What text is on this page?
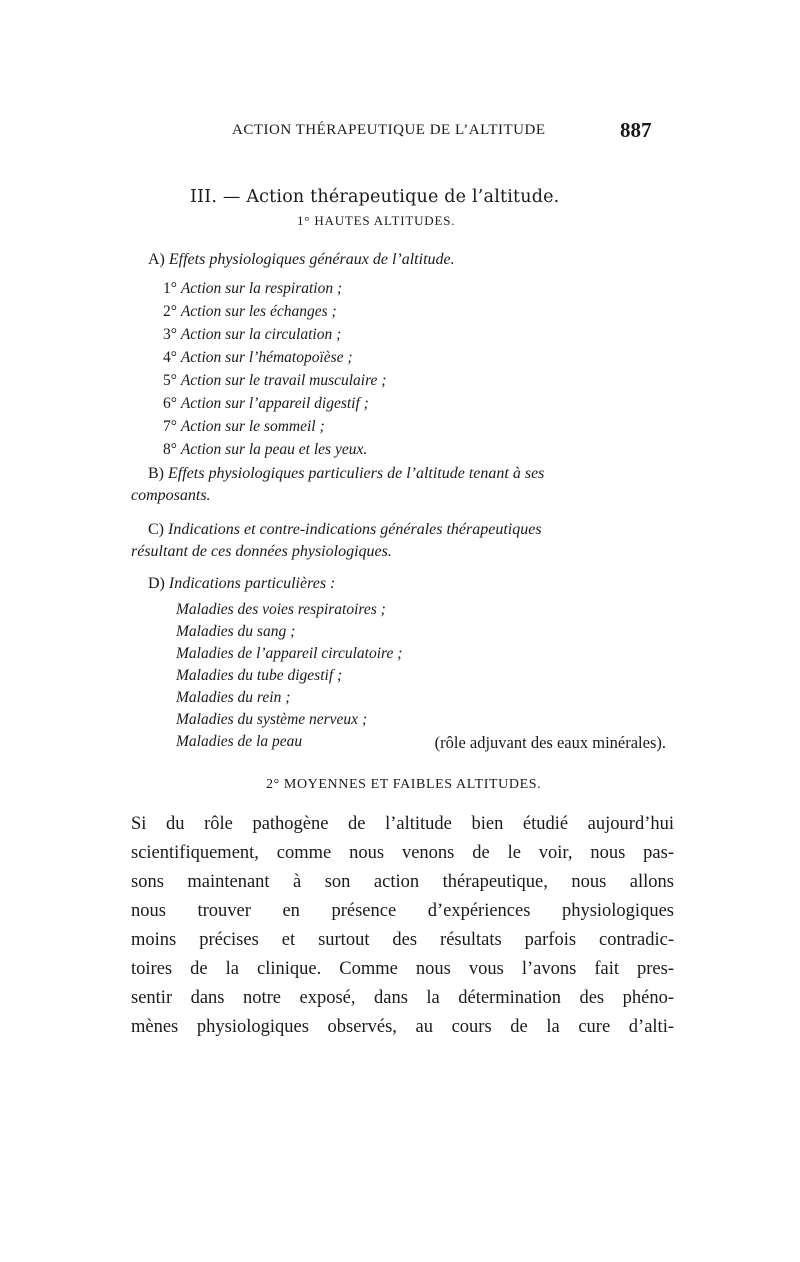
ACTION THÉRAPEUTIQUE DE L’ALTITUDE	887
III. — Action thérapeutique de l’altitude.
1° HAUTES ALTITUDES.
A) Effets physiologiques généraux de l’altitude.
1° Action sur la respiration ;
2° Action sur les échanges ;
3° Action sur la circulation ;
4° Action sur l’hématopoïèse ;
5° Action sur le travail musculaire ;
6° Action sur l’appareil digestif ;
7° Action sur le sommeil ;
8° Action sur la peau et les yeux.
B) Effets physiologiques particuliers de l’altitude tenant à ses
composants.
C) Indications et contre-indications générales thérapeutiques
résultant de ces données physiologiques.
D) Indications particulières :
Maladies des voies respiratoires ;
Maladies du sang ;
Maladies de l’appareil circulatoire ;
Maladies du tube digestif ;
Maladies du rein ;
Maladies du système nerveux ;
Maladies de la peau	(rôle adjuvant des eaux minérales).
2° MOYENNES ET FAIBLES ALTITUDES.
Si du rôle pathogène de l’altitude bien étudié aujourd’hui
scientifiquement, comme nous venons de le voir, nous pas-
sons maintenant à son action thérapeutique, nous allons
nous trouver en présence d’expériences physiologiques
moins précises et surtout des résultats parfois contradic-
toires de la clinique. Comme nous vous l’avons fait pres-
sentir dans notre exposé, dans la détermination des phéno-
mènes physiologiques observés, au cours de la cure d’alti-
